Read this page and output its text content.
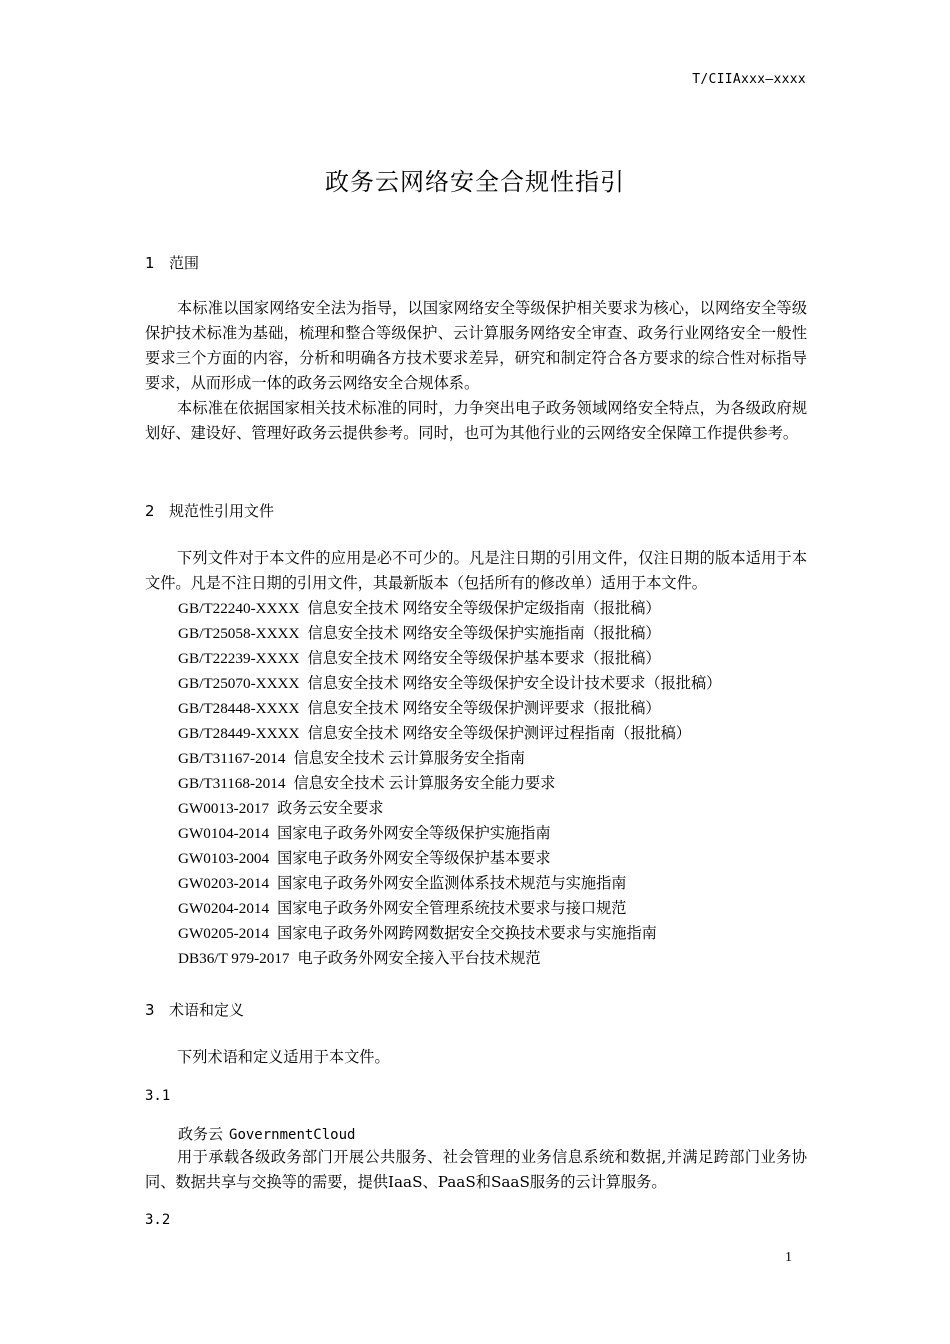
T/CIIAxxx—xxxx
政务云网络安全合规性指引
1 范围

本标准以国家网络安全法为指导，以国家网络安全等级保护相关要求为核心，以网络安全等级保护技术标准为基础，梳理和整合等级保护、云计算服务网络安全审查、政务行业网络安全一般性要求三个方面的内容，分析和明确各方技术要求差异，研究和制定符合各方要求的综合性对标指导要求，从而形成一体的政务云网络安全合规体系。

本标准在依据国家相关技术标准的同时，力争突出电子政务领域网络安全特点，为各级政府规划好、建设好、管理好政务云提供参考。同时，也可为其他行业的云网络安全保障工作提供参考。

2 规范性引用文件

下列文件对于本文件的应用是必不可少的。凡是注日期的引用文件，仅注日期的版本适用于本文件。凡是不注日期的引用文件，其最新版本（包括所有的修改单）适用于本文件。

GB/T22240-XXXX 信息安全技术 网络安全等级保护定级指南（报批稿）
GB/T25058-XXXX 信息安全技术 网络安全等级保护实施指南（报批稿）
GB/T22239-XXXX 信息安全技术 网络安全等级保护基本要求（报批稿）
GB/T25070-XXXX 信息安全技术 网络安全等级保护安全设计技术要求（报批稿）
GB/T28448-XXXX 信息安全技术 网络安全等级保护测评要求（报批稿）
GB/T28449-XXXX 信息安全技术 网络安全等级保护测评过程指南（报批稿）
GB/T31167-2014 信息安全技术 云计算服务安全指南
GB/T31168-2014 信息安全技术 云计算服务安全能力要求
GW0013-2017 政务云安全要求
GW0104-2014 国家电子政务外网安全等级保护实施指南
GW0103-2004 国家电子政务外网安全等级保护基本要求
GW0203-2014 国家电子政务外网安全监测体系技术规范与实施指南
GW0204-2014 国家电子政务外网安全管理系统技术要求与接口规范
GW0205-2014 国家电子政务外网跨网数据安全交换技术要求与实施指南
DB36/T 979-2017 电子政务外网安全接入平台技术规范
3 术语和定义

下列术语和定义适用于本文件。

3.1
政务云 GovernmentCloud

用于承载各级政务部门开展公共服务、社会管理的业务信息系统和数据,并满足跨部门业务协同、数据共享与交换等的需要，提供IaaS、PaaS和SaaS服务的云计算服务。

3.2
1
